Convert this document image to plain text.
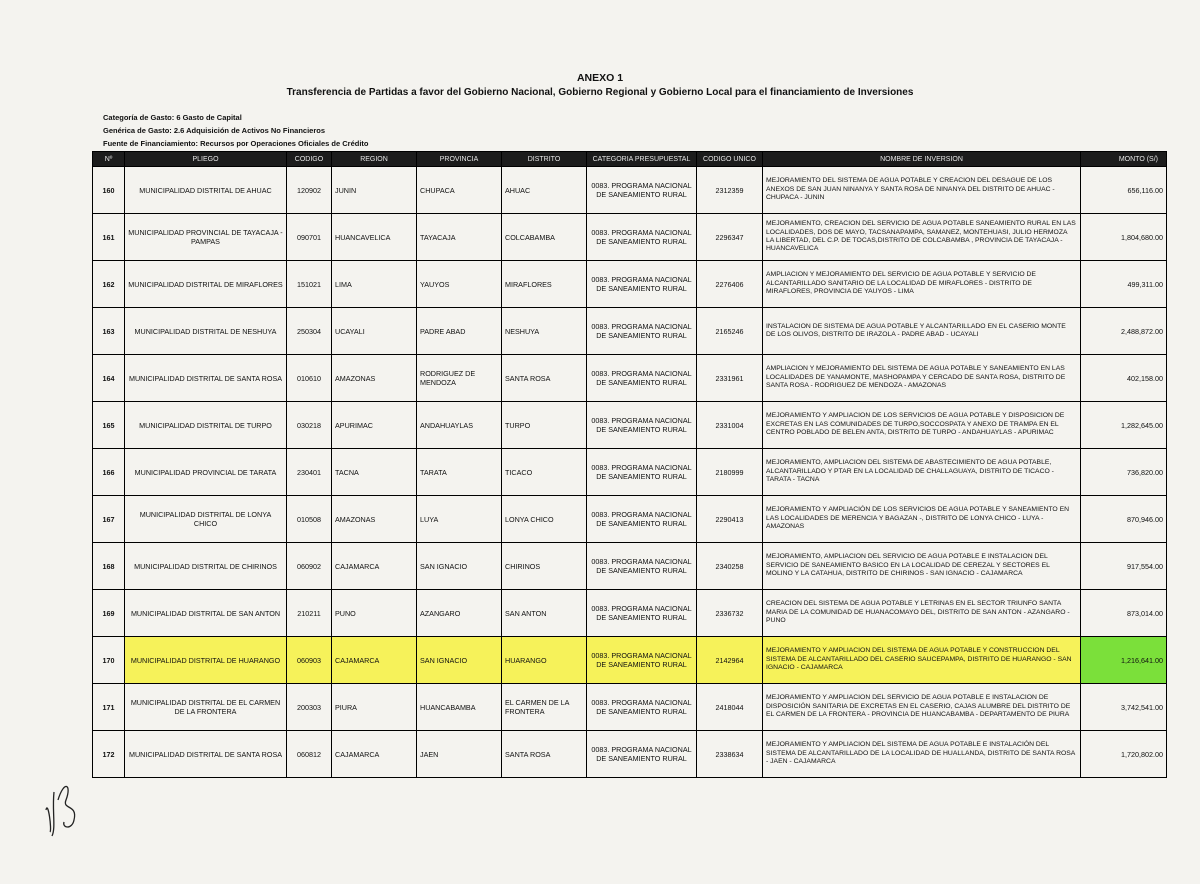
ANEXO 1
Transferencia de Partidas a favor del Gobierno Nacional, Gobierno Regional y Gobierno Local para el financiamiento de Inversiones
Categoría de Gasto: 6 Gasto de Capital
Genérica de Gasto: 2.6 Adquisición de Activos No Financieros
Fuente de Financiamiento: Recursos por Operaciones Oficiales de Crédito
Nº	PLIEGO	CODIGO	REGION	PROVINCIA	DISTRITO	CATEGORIA PRESUPUESTAL	CODIGO UNICO	NOMBRE DE INVERSION	MONTO (S/)
160	MUNICIPALIDAD DISTRITAL DE AHUAC	120902	JUNIN	CHUPACA	AHUAC	0083. PROGRAMA NACIONAL DE SANEAMIENTO RURAL	2312359	MEJORAMIENTO DEL SISTEMA DE AGUA POTABLE Y CREACION DEL DESAGUE DE LOS ANEXOS DE SAN JUAN NINANYA Y SANTA ROSA DE NINANYA DEL DISTRITO DE AHUAC - CHUPACA - JUNIN	656,116.00
161	MUNICIPALIDAD PROVINCIAL DE TAYACAJA -PAMPAS	090701	HUANCAVELICA	TAYACAJA	COLCABAMBA	0083. PROGRAMA NACIONAL DE SANEAMIENTO RURAL	2296347	MEJORAMIENTO, CREACION DEL SERVICIO DE AGUA POTABLE SANEAMIENTO RURAL EN LAS LOCALIDADES, DOS DE MAYO, TACSANAPAMPA, SAMANEZ, MONTEHUASI, JULIO HERMOZA LA LIBERTAD, DEL C.P. DE TOCAS,DISTRITO DE COLCABAMBA , PROVINCIA DE TAYACAJA - HUANCAVELICA	1,804,680.00
162	MUNICIPALIDAD DISTRITAL DE MIRAFLORES	151021	LIMA	YAUYOS	MIRAFLORES	0083. PROGRAMA NACIONAL DE SANEAMIENTO RURAL	2276406	AMPLIACION Y MEJORAMIENTO DEL SERVICIO DE AGUA POTABLE Y SERVICIO DE ALCANTARILLADO SANITARIO DE LA LOCALIDAD DE MIRAFLORES - DISTRITO DE MIRAFLORES, PROVINCIA DE YAUYOS - LIMA	499,311.00
163	MUNICIPALIDAD DISTRITAL DE NESHUYA	250304	UCAYALI	PADRE ABAD	NESHUYA	0083. PROGRAMA NACIONAL DE SANEAMIENTO RURAL	2165246	INSTALACION DE SISTEMA DE AGUA POTABLE Y ALCANTARILLADO EN EL CASERIO MONTE DE LOS OLIVOS, DISTRITO DE IRAZOLA - PADRE ABAD - UCAYALI	2,488,872.00
164	MUNICIPALIDAD DISTRITAL DE SANTA ROSA	010610	AMAZONAS	RODRIGUEZ DE MENDOZA	SANTA ROSA	0083. PROGRAMA NACIONAL DE SANEAMIENTO RURAL	2331961	AMPLIACION Y MEJORAMIENTO DEL SISTEMA DE AGUA POTABLE Y SANEAMIENTO EN LAS LOCALIDADES DE YANAMONTE, MASHOPAMPA Y CERCADO DE SANTA ROSA, DISTRITO DE SANTA ROSA - RODRIGUEZ DE MENDOZA - AMAZONAS	402,158.00
165	MUNICIPALIDAD DISTRITAL DE TURPO	030218	APURIMAC	ANDAHUAYLAS	TURPO	0083. PROGRAMA NACIONAL DE SANEAMIENTO RURAL	2331004	MEJORAMIENTO Y AMPLIACION DE LOS SERVICIOS DE AGUA POTABLE Y DISPOSICION DE EXCRETAS EN LAS COMUNIDADES DE TURPO,SOCCOSPATA Y ANEXO DE TRAMPA EN EL CENTRO POBLADO DE BELEN ANTA, DISTRITO DE TURPO - ANDAHUAYLAS - APURIMAC	1,282,645.00
166	MUNICIPALIDAD PROVINCIAL DE TARATA	230401	TACNA	TARATA	TICACO	0083. PROGRAMA NACIONAL DE SANEAMIENTO RURAL	2180999	MEJORAMIENTO, AMPLIACION DEL SISTEMA DE ABASTECIMIENTO DE AGUA POTABLE, ALCANTARILLADO Y PTAR EN LA LOCALIDAD DE CHALLAGUAYA, DISTRITO DE TICACO - TARATA - TACNA	736,820.00
167	MUNICIPALIDAD DISTRITAL DE LONYA CHICO	010508	AMAZONAS	LUYA	LONYA CHICO	0083. PROGRAMA NACIONAL DE SANEAMIENTO RURAL	2290413	MEJORAMIENTO Y AMPLIACIÓN DE LOS SERVICIOS DE AGUA POTABLE Y SANEAMIENTO EN LAS LOCALIDADES DE MERENCIA Y BAGAZAN -, DISTRITO DE LONYA CHICO - LUYA - AMAZONAS	870,946.00
168	MUNICIPALIDAD DISTRITAL DE CHIRINOS	060902	CAJAMARCA	SAN IGNACIO	CHIRINOS	0083. PROGRAMA NACIONAL DE SANEAMIENTO RURAL	2340258	MEJORAMIENTO, AMPLIACION DEL SERVICIO DE AGUA POTABLE E INSTALACION DEL SERVICIO DE SANEAMIENTO BASICO EN LA LOCALIDAD DE CEREZAL Y SECTORES EL MOLINO Y LA CATAHUA, DISTRITO DE CHIRINOS - SAN IGNACIO - CAJAMARCA	917,554.00
169	MUNICIPALIDAD DISTRITAL DE SAN ANTON	210211	PUNO	AZANGARO	SAN ANTON	0083. PROGRAMA NACIONAL DE SANEAMIENTO RURAL	2336732	CREACION DEL SISTEMA DE AGUA POTABLE Y LETRINAS EN EL SECTOR TRIUNFO SANTA MARIA DE LA COMUNIDAD DE HUANACOMAYO DEL, DISTRITO DE SAN ANTON - AZANGARO - PUNO	873,014.00
170	MUNICIPALIDAD DISTRITAL DE HUARANGO	060903	CAJAMARCA	SAN IGNACIO	HUARANGO	0083. PROGRAMA NACIONAL DE SANEAMIENTO RURAL	2142964	MEJORAMIENTO Y AMPLIACION DEL SISTEMA DE AGUA POTABLE Y CONSTRUCCION DEL SISTEMA DE ALCANTARILLADO DEL CASERIO SAUCEPAMPA, DISTRITO DE HUARANGO - SAN IGNACIO - CAJAMARCA	1,216,641.00
171	MUNICIPALIDAD DISTRITAL DE EL CARMEN DE LA FRONTERA	200303	PIURA	HUANCABAMBA	EL CARMEN DE LA FRONTERA	0083. PROGRAMA NACIONAL DE SANEAMIENTO RURAL	2418044	MEJORAMIENTO Y AMPLIACION DEL SERVICIO DE AGUA POTABLE E INSTALACION DE DISPOSICIÓN SANITARIA DE EXCRETAS EN EL CASERIO, CAJAS ALUMBRE DEL DISTRITO DE EL CARMEN DE LA FRONTERA - PROVINCIA DE HUANCABAMBA - DEPARTAMENTO DE PIURA	3,742,541.00
172	MUNICIPALIDAD DISTRITAL DE SANTA ROSA	060812	CAJAMARCA	JAEN	SANTA ROSA	0083. PROGRAMA NACIONAL DE SANEAMIENTO RURAL	2338634	MEJORAMIENTO Y AMPLIACION DEL SISTEMA DE AGUA POTABLE E INSTALACIÓN DEL SISTEMA DE ALCANTARILLADO DE LA LOCALIDAD DE HUALLANDA, DISTRITO DE SANTA ROSA - JAEN - CAJAMARCA	1,720,802.00
